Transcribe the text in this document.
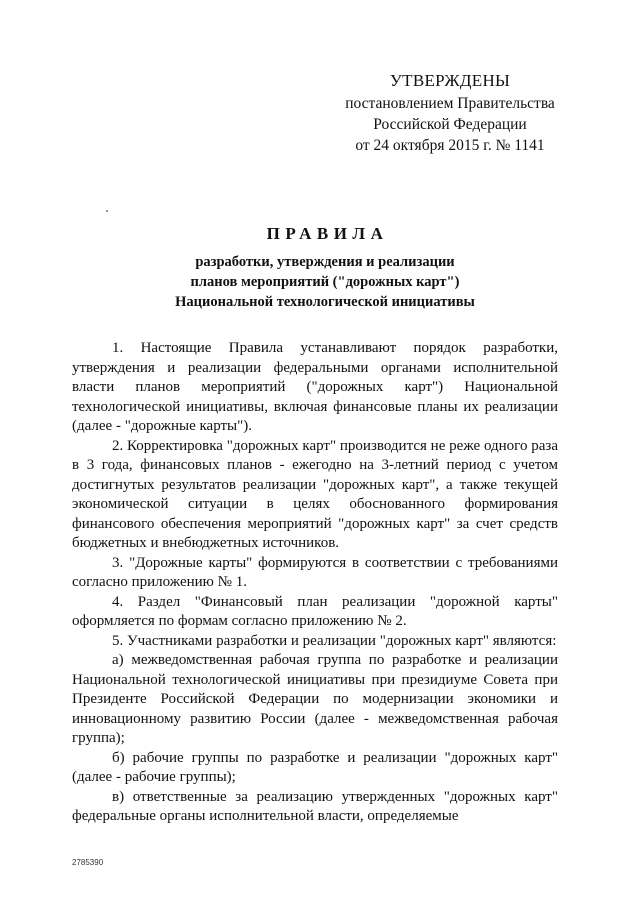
УТВЕРЖДЕНЫ
постановлением Правительства
Российской Федерации
от 24 октября 2015 г. № 1141
ПРАВИЛА
разработки, утверждения и реализации
планов мероприятий ("дорожных карт")
Национальной технологической инициативы
1. Настоящие Правила устанавливают порядок разработки, утверждения и реализации федеральными органами исполнительной власти планов мероприятий ("дорожных карт") Национальной технологической инициативы, включая финансовые планы их реализации (далее - "дорожные карты").
2. Корректировка "дорожных карт" производится не реже одного раза в 3 года, финансовых планов - ежегодно на 3-летний период с учетом достигнутых результатов реализации "дорожных карт", а также текущей экономической ситуации в целях обоснованного формирования финансового обеспечения мероприятий "дорожных карт" за счет средств бюджетных и внебюджетных источников.
3. "Дорожные карты" формируются в соответствии с требованиями согласно приложению № 1.
4. Раздел "Финансовый план реализации "дорожной карты" оформляется по формам согласно приложению № 2.
5. Участниками разработки и реализации "дорожных карт" являются:
а) межведомственная рабочая группа по разработке и реализации Национальной технологической инициативы при президиуме Совета при Президенте Российской Федерации по модернизации экономики и инновационному развитию России (далее - межведомственная рабочая группа);
б) рабочие группы по разработке и реализации "дорожных карт" (далее - рабочие группы);
в) ответственные за реализацию утвержденных "дорожных карт" федеральные органы исполнительной власти, определяемые
2785390
